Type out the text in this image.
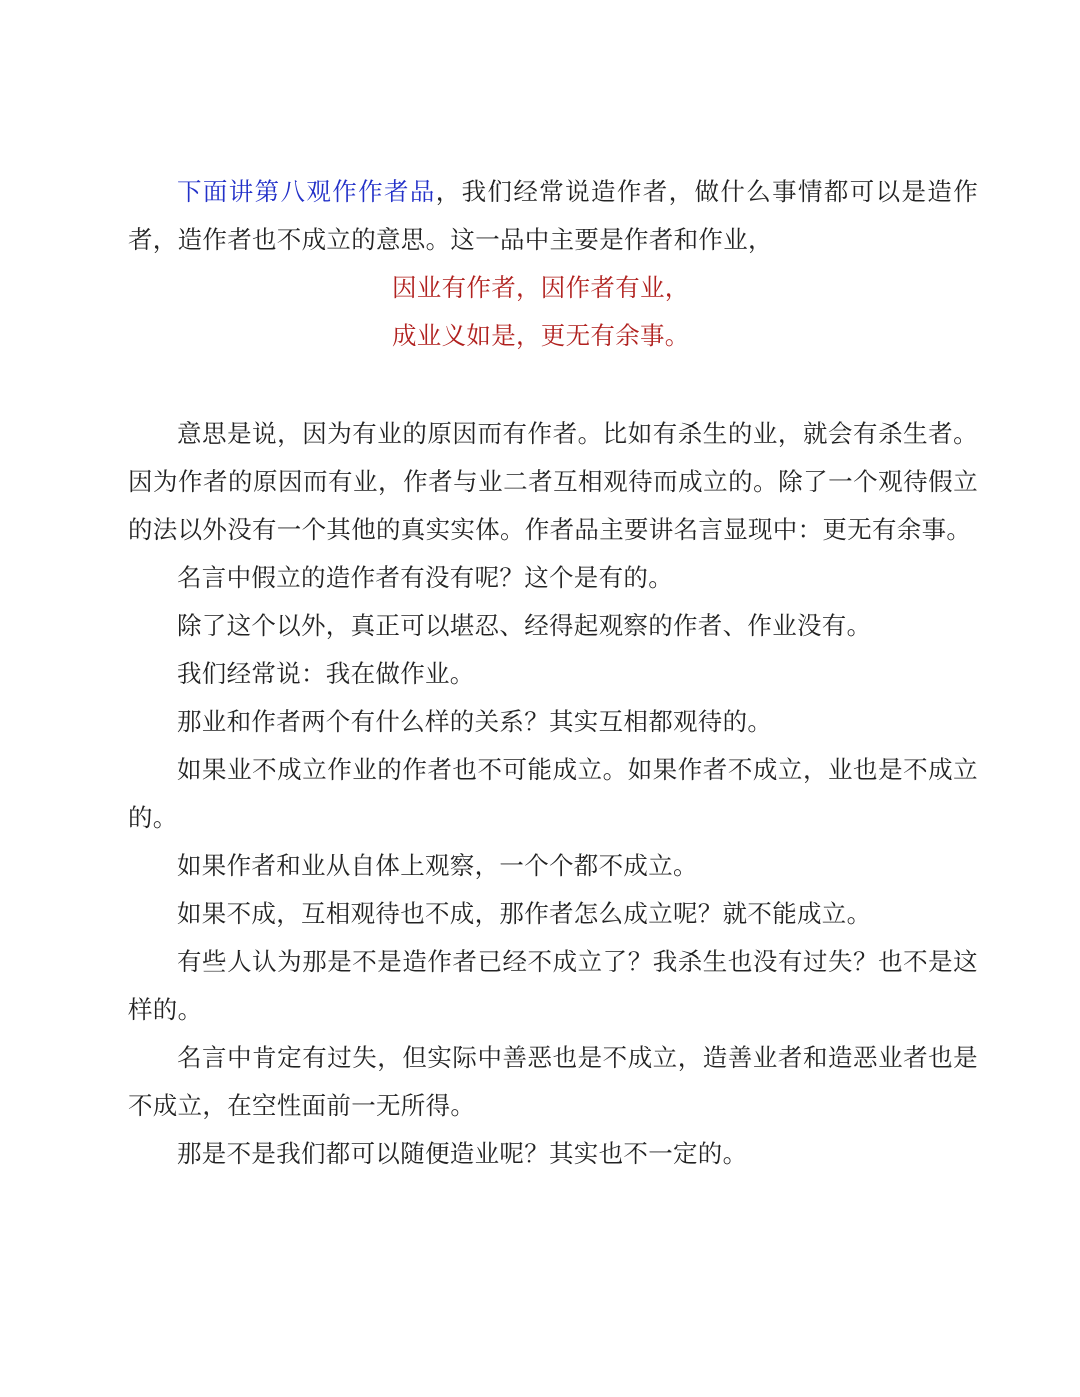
下面讲第八观作作者品，我们经常说造作者，做什么事情都可以是造作者，造作者也不成立的意思。这一品中主要是作者和作业，

因业有作者，因作者有业，

成业义如是，更无有余事。

意思是说，因为有业的原因而有作者。比如有杀生的业，就会有杀生者。因为作者的原因而有业，作者与业二者互相观待而成立的。除了一个观待假立的法以外没有一个其他的真实实体。作者品主要讲名言显现中：更无有余事。

名言中假立的造作者有没有呢？这个是有的。

除了这个以外，真正可以堪忍、经得起观察的作者、作业没有。

我们经常说：我在做作业。

那业和作者两个有什么样的关系？其实互相都观待的。

如果业不成立作业的作者也不可能成立。如果作者不成立，业也是不成立的。

如果作者和业从自体上观察，一个个都不成立。

如果不成，互相观待也不成，那作者怎么成立呢？就不能成立。

有些人认为那是不是造作者已经不成立了？我杀生也没有过失？也不是这样的。

名言中肯定有过失，但实际中善恶也是不成立，造善业者和造恶业者也是不成立，在空性面前一无所得。

那是不是我们都可以随便造业呢？其实也不一定的。
